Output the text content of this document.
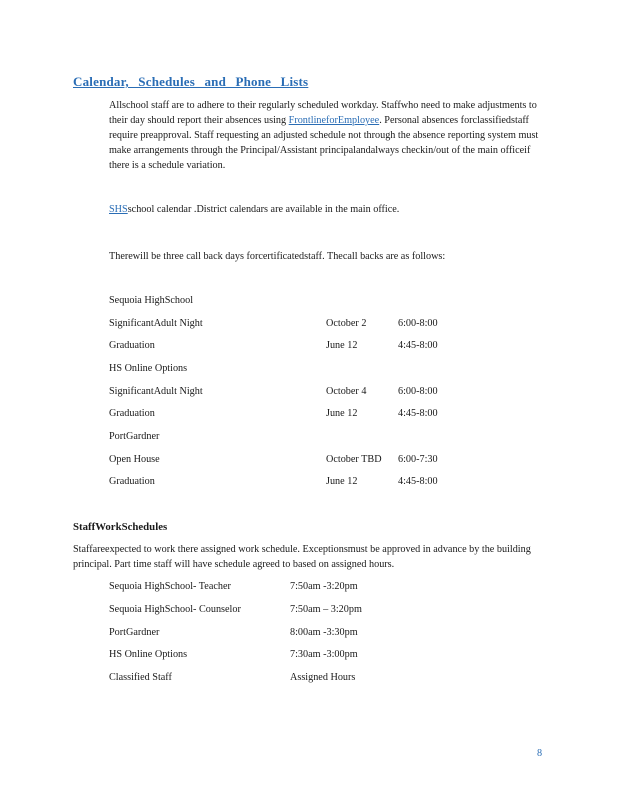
Calendar, Schedules and Phone Lists
Allschool staff are to adhere to their regularly scheduled workday. Staffwho need to make adjustments to their day should report their absences using FrontlineforEmployee. Personal absences forclassifiedstaff require preapproval. Staff requesting an adjusted schedule not through the absence reporting system must make arrangements through the Principal/Assistant principalandalways checkin/out of the main officeif there is a schedule variation.
SHSschool calendar .District calendars are available in the main office.
Therewill be three call back days forcertificatedstaff. Thecall backs are as follows:
Sequoia HighSchool
SignificantAdult Night	October 2	6:00-8:00
Graduation	June 12	4:45-8:00
HS Online Options
SignificantAdult Night	October 4	6:00-8:00
Graduation	June 12	4:45-8:00
PortGardner
Open House	October TBD 6:00-7:30
Graduation	June 12	4:45-8:00
StaffWorkSchedules
Staffareexpected to work there assigned work schedule. Exceptionsmust be approved in advance by the building principal. Part time staff will have schedule agreed to based on assigned hours.
Sequoia HighSchool- Teacher	7:50am -3:20pm
Sequoia HighSchool- Counselor	7:50am – 3:20pm
PortGardner	8:00am -3:30pm
HS Online Options	7:30am -3:00pm
Classified Staff	Assigned Hours
8
